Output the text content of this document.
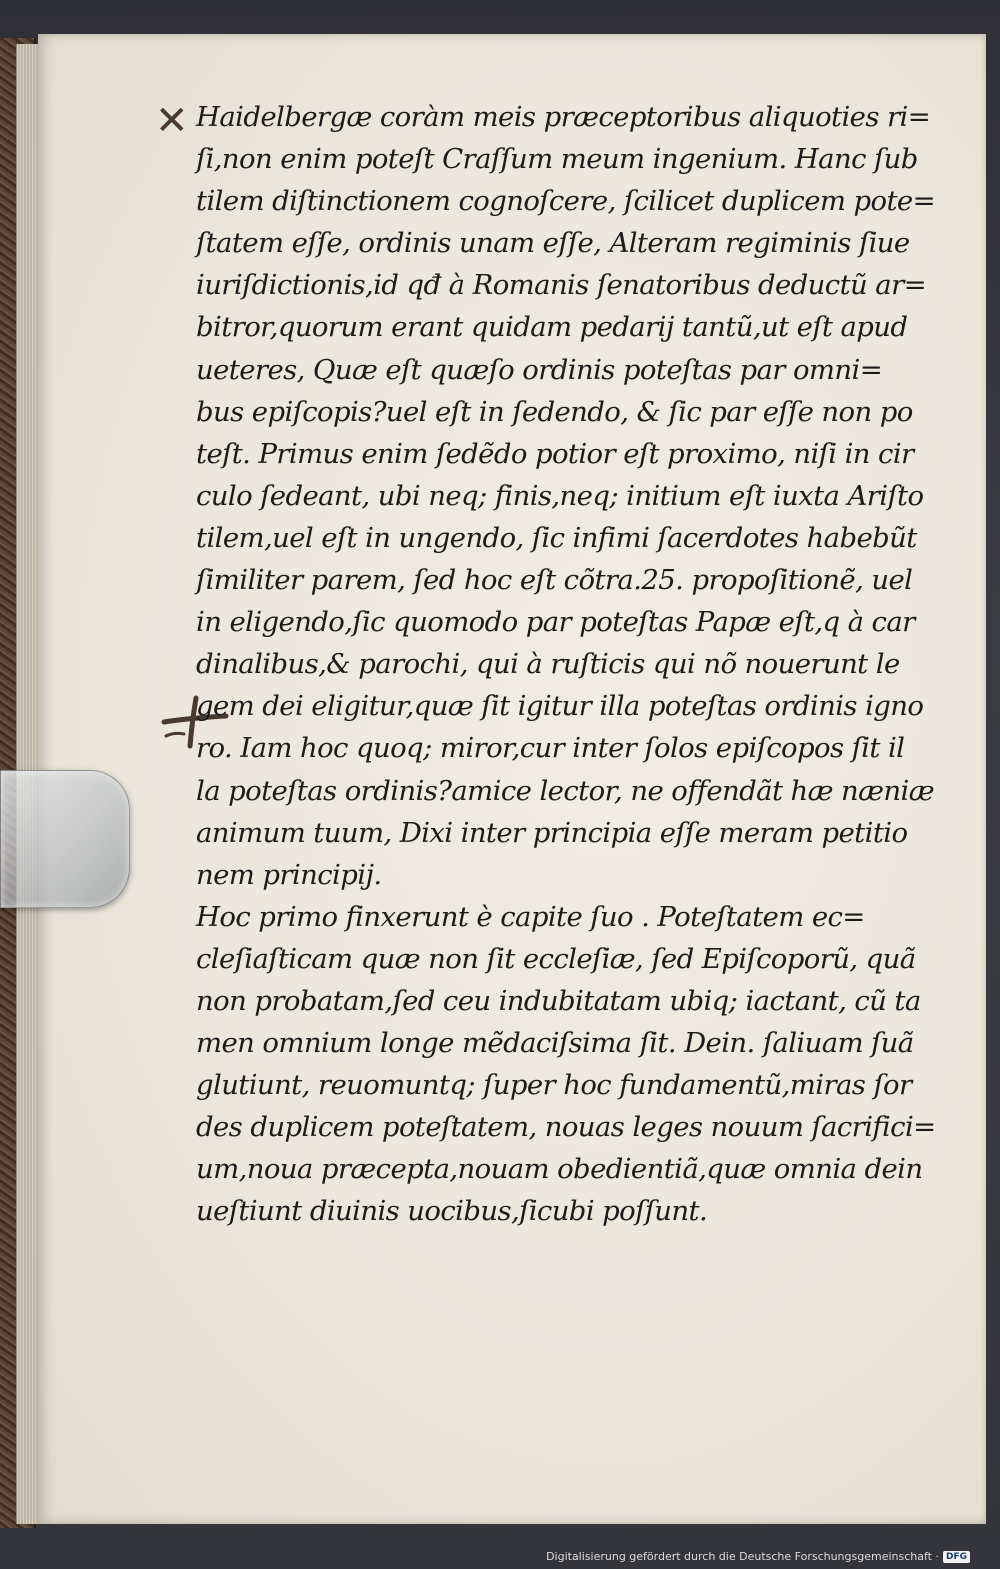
✕ Haidelbergæ coràm meis præceptoribus aliquoties ri=
ſi,non enim poteſt Craſſum meum ingenium. Hanc ſub
tilem diſtinctionem cognoſcere, ſcilicet duplicem pote=
ſtatem eſſe, ordinis unam eſſe, Alteram regiminis ſiue
iuriſdictionis,id qđ à Romanis ſenatoribus deductũ ar=
bitror,quorum erant quidam pedarij tantũ,ut eſt apud
ueteres, Quæ eſt quæſo ordinis poteſtas par omni=
bus epiſcopis?uel eſt in ſedendo, & ſic par eſſe non po
teſt. Primus enim ſedẽdo potior eſt proximo, niſi in cir
culo ſedeant, ubi neq; finis,neq; initium eſt iuxta Ariſto
tilem,uel eſt in ungendo, ſic infimi ſacerdotes habebũt
ſimiliter parem, ſed hoc eſt cõtra.25. propoſitionẽ, uel
in eligendo,ſic quomodo par poteſtas Papæ eſt,q à car
dinalibus,& parochi, qui à ruſticis qui nõ nouerunt le
gem dei eligitur,quæ ſit igitur illa poteſtas ordinis igno
ro. Iam hoc quoq; miror,cur inter ſolos epiſcopos ſit il
la poteſtas ordinis?amice lector, ne offendãt hæ næniæ
animum tuum, Dixi inter principia eſſe meram petitio
nem principij.
Hoc primo finxerunt è capite ſuo . Poteſtatem ec=
cleſiaſticam quæ non ſit eccleſiæ, ſed Epiſcoporũ, quã
non probatam,ſed ceu indubitatam ubiq; iactant, cũ ta
men omnium longe mẽdaciſsima ſit. Dein. ſaliuam ſuã
glutiunt, reuomuntq; ſuper hoc fundamentũ,miras ſor
des duplicem poteſtatem, nouas leges nouum ſacrifici=
um,noua præcepta,nouam obedientiã,quæ omnia dein
ueſtiunt diuinis uocibus,ſicubi poſſunt.
Digitalisierung gefördert durch die Deutsche Forschungsgemeinschaft · DFG
